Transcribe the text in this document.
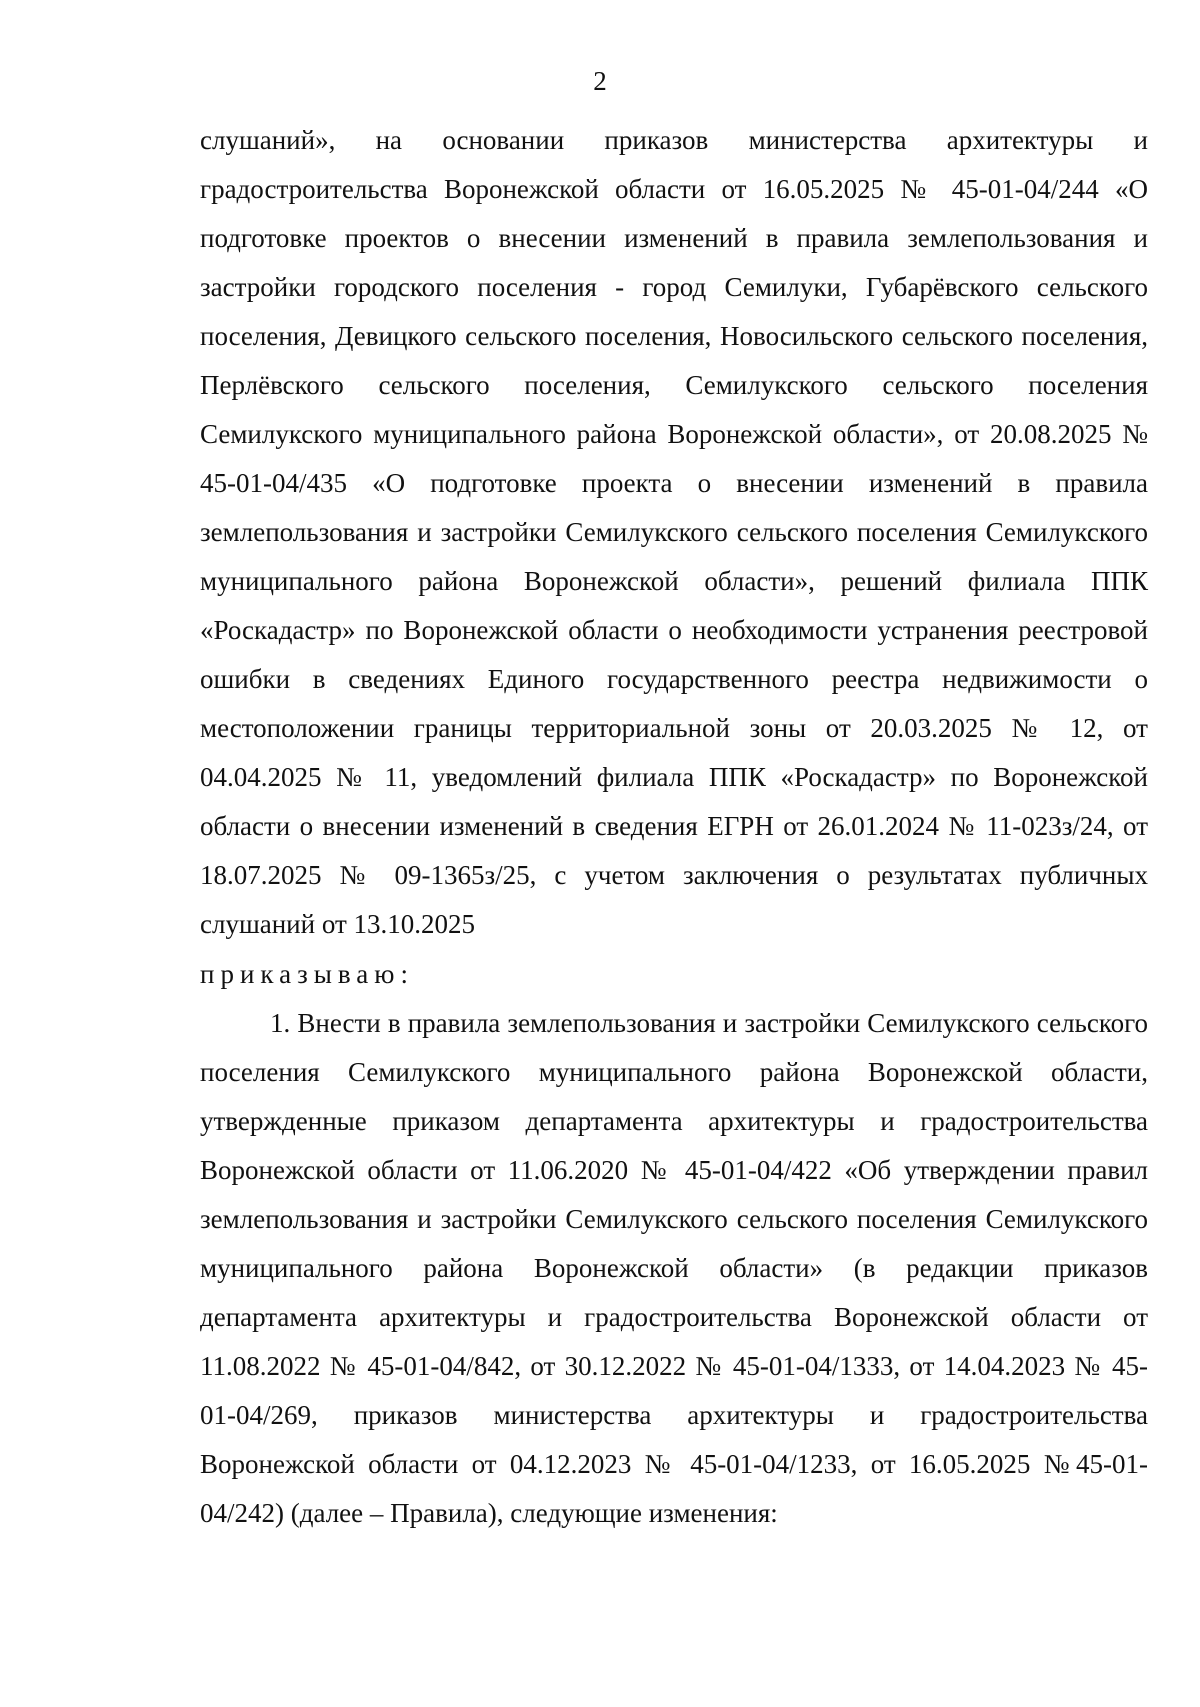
2

слушаний», на основании приказов министерства архитектуры и градостроительства Воронежской области от 16.05.2025 № 45-01-04/244 «О подготовке проектов о внесении изменений в правила землепользования и застройки городского поселения - город Семилуки, Губарёвского сельского поселения, Девицкого сельского поселения, Новосильского сельского поселения, Перлёвского сельского поселения, Семилукского сельского поселения Семилукского муниципального района Воронежской области», от 20.08.2025 № 45-01-04/435 «О подготовке проекта о внесении изменений в правила землепользования и застройки Семилукского сельского поселения Семилукского муниципального района Воронежской области», решений филиала ППК «Роскадастр» по Воронежской области о необходимости устранения реестровой ошибки в сведениях Единого государственного реестра недвижимости о местоположении границы территориальной зоны от 20.03.2025 № 12, от 04.04.2025 № 11, уведомлений филиала ППК «Роскадастр» по Воронежской области о внесении изменений в сведения ЕГРН от 26.01.2024 № 11-023з/24, от 18.07.2025 № 09-1365з/25, с учетом заключения о результатах публичных слушаний от 13.10.2025

приказываю:

1. Внести в правила землепользования и застройки Семилукского сельского поселения Семилукского муниципального района Воронежской области, утвержденные приказом департамента архитектуры и градостроительства Воронежской области от 11.06.2020 № 45-01-04/422 «Об утверждении правил землепользования и застройки Семилукского сельского поселения Семилукского муниципального района Воронежской области» (в редакции приказов департамента архитектуры и градостроительства Воронежской области от 11.08.2022 № 45-01-04/842, от 30.12.2022 № 45-01-04/1333, от 14.04.2023 № 45-01-04/269, приказов министерства архитектуры и градостроительства Воронежской области от 04.12.2023 № 45-01-04/1233, от 16.05.2025 №45-01-04/242) (далее – Правила), следующие изменения:
